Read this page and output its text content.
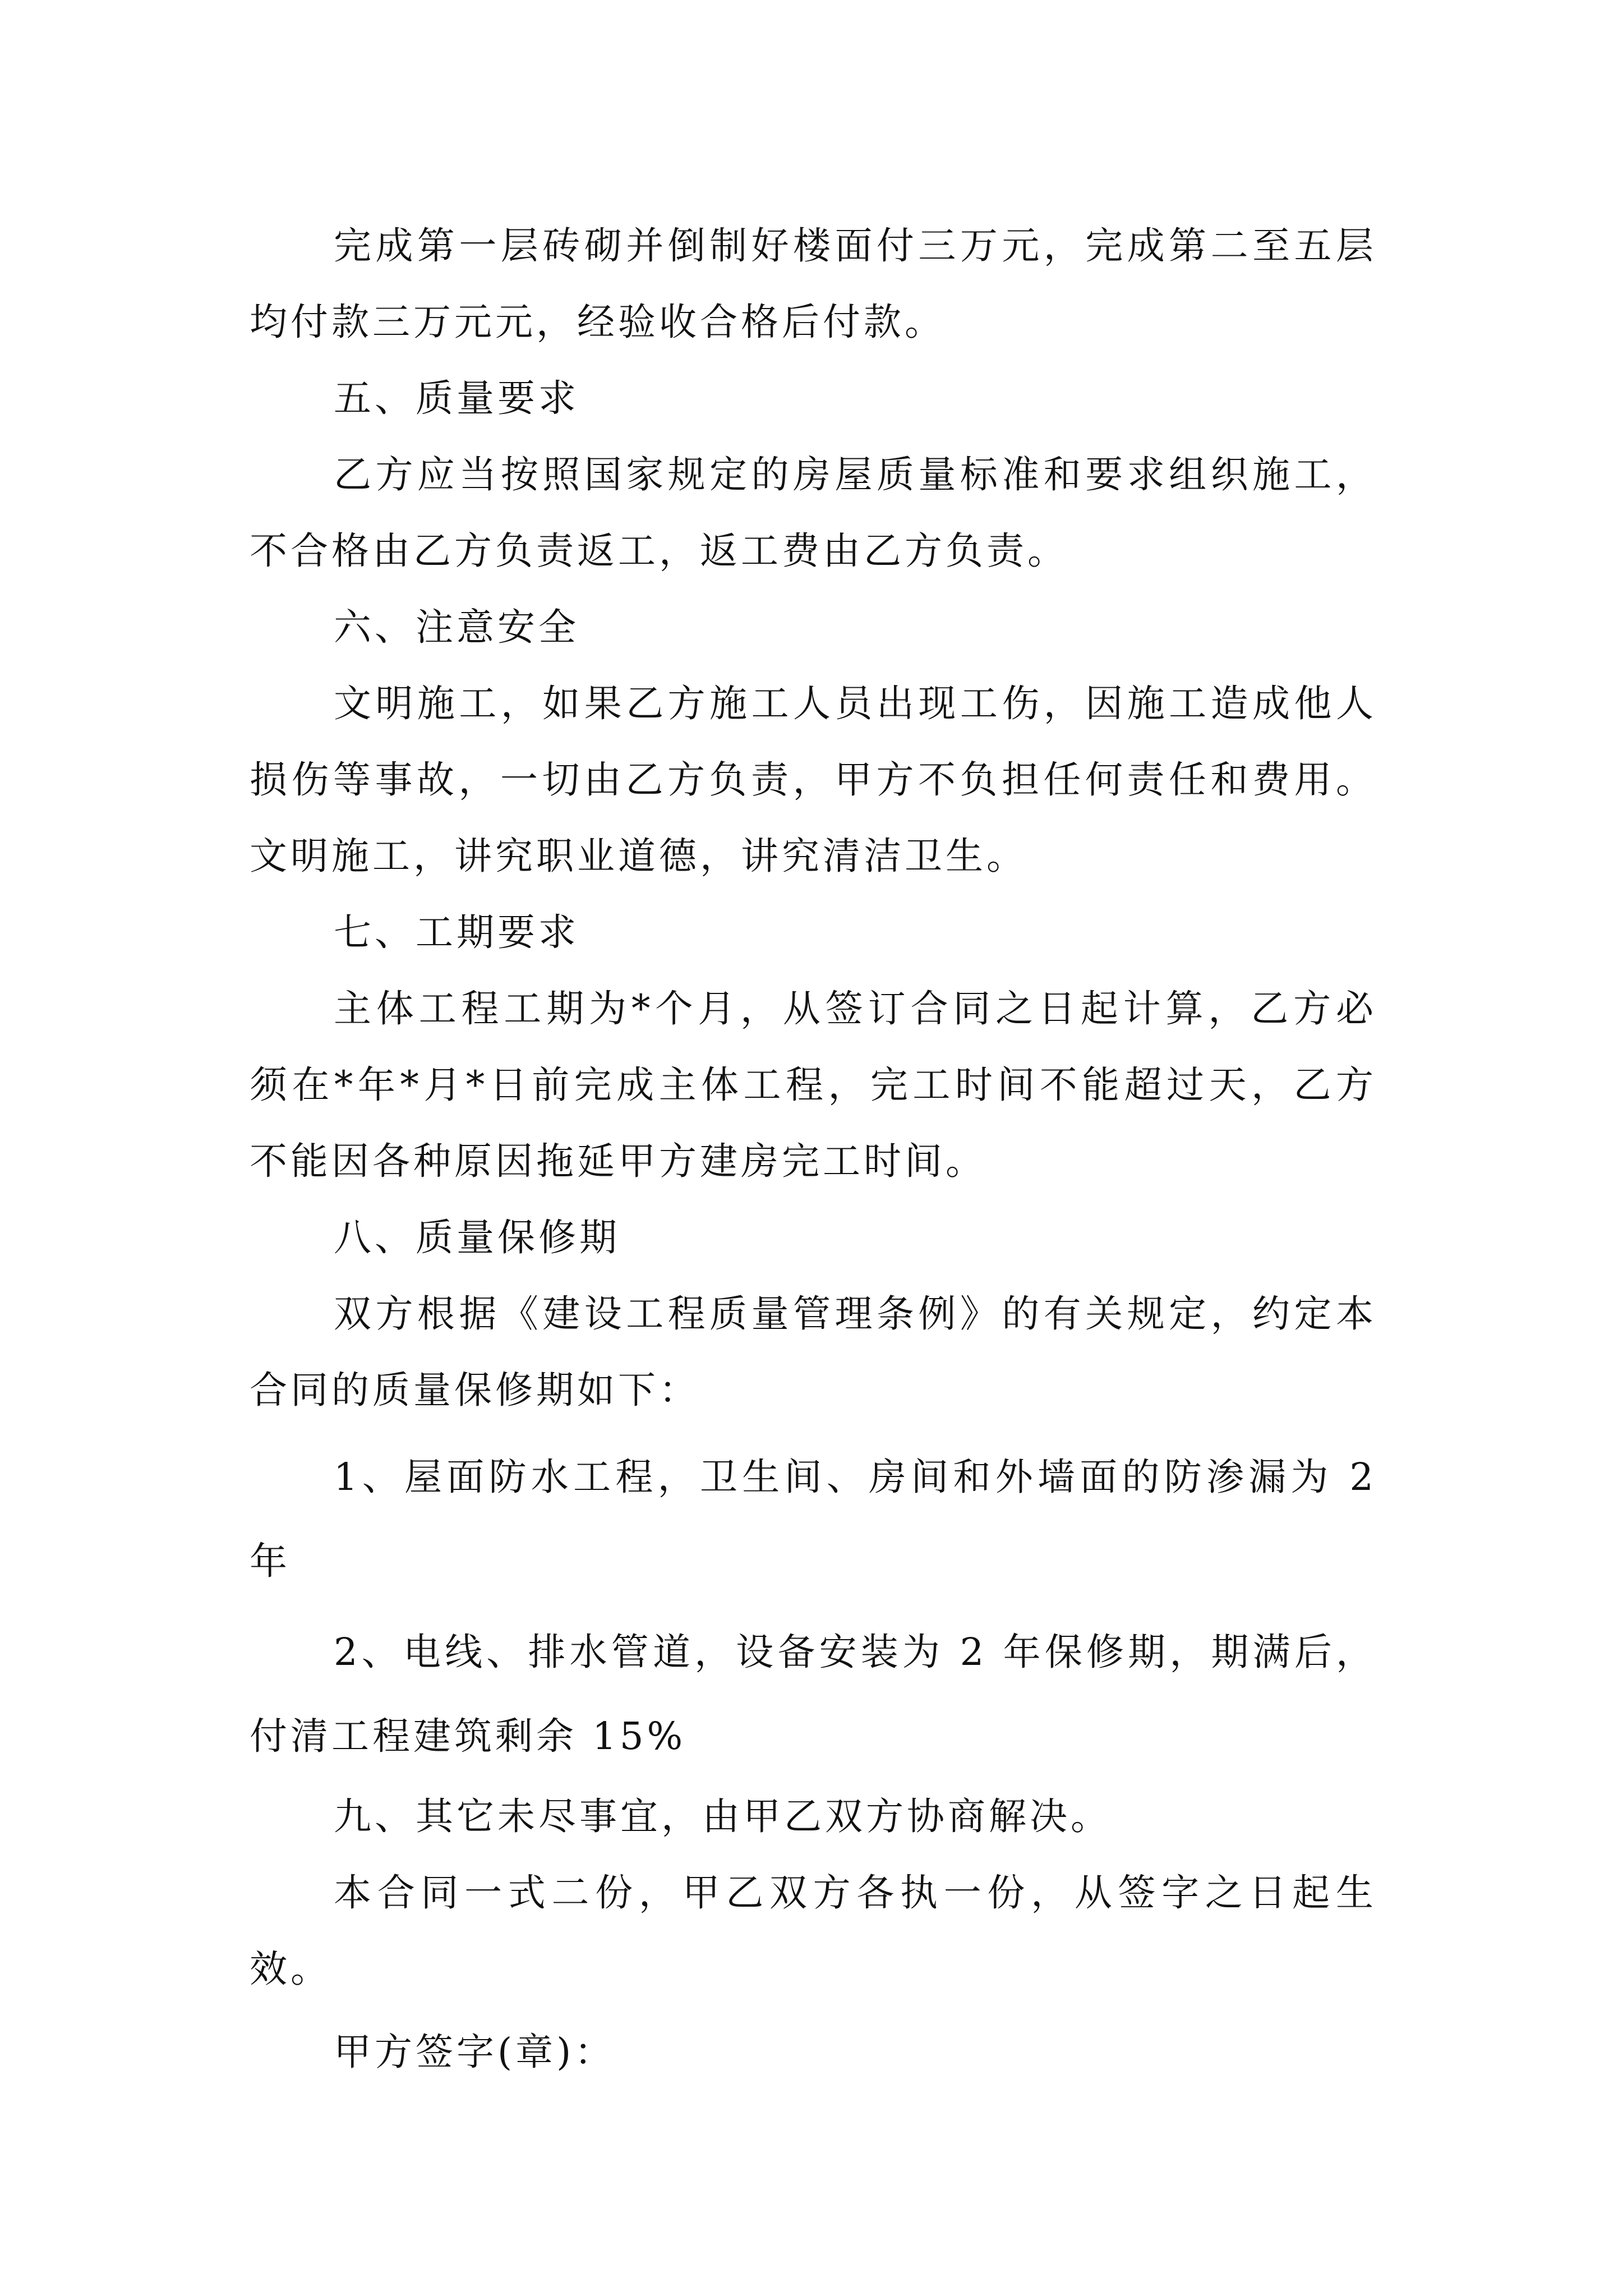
完成第一层砖砌并倒制好楼面付三万元，完成第二至五层均付款三万元元，经验收合格后付款。

五、质量要求

乙方应当按照国家规定的房屋质量标准和要求组织施工，不合格由乙方负责返工，返工费由乙方负责。

六、注意安全

文明施工，如果乙方施工人员出现工伤，因施工造成他人损伤等事故，一切由乙方负责，甲方不负担任何责任和费用。文明施工，讲究职业道德，讲究清洁卫生。

七、工期要求

主体工程工期为*个月，从签订合同之日起计算，乙方必须在*年*月*日前完成主体工程，完工时间不能超过天，乙方不能因各种原因拖延甲方建房完工时间。

八、质量保修期

双方根据《建设工程质量管理条例》的有关规定，约定本合同的质量保修期如下：

1、屋面防水工程，卫生间、房间和外墙面的防渗漏为 2 年

2、电线、排水管道，设备安装为 2 年保修期，期满后，付清工程建筑剩余 15%

九、其它未尽事宜，由甲乙双方协商解决。

本合同一式二份，甲乙双方各执一份，从签字之日起生效。

甲方签字(章)：
